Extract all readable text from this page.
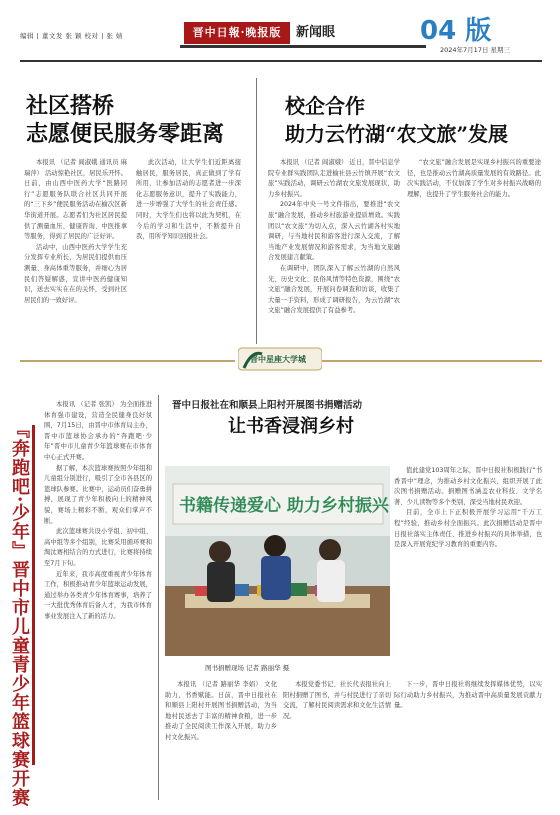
编辑 | 董文发 张 颖 校对 | 张 婧	晋中日報·晚报版	新闻眼	04 版
2024年7月17日 星期三
社区搭桥
志愿便民服务零距离

本报讯 （记者 阎淑娥 通讯员 麻瑞萍） 活动惊艳社区，居民乐开怀。日前，由山西中医药大学“医路同行”志愿服务队联合社区共同开展的“三下乡”便民服务活动在榆次区新华街道开展。志愿者们为社区居民提供了测量血压、健康咨询、中医推拿等服务，得到了居民的广泛好评。

活动中，山西中医药大学学生充分发挥专业所长，为居民们提供血压测量、身高体重等服务，并细心为居民们答疑解惑，宣讲中医药健康知识，送去实实在在的关怀，受到社区居民们的一致好评。

此次活动，让大学生们近距离接触居民，服务居民，真正做到了学有所用，让参加活动的志愿者进一步深化志愿服务意识，提升了实践能力，进一步增强了大学生的社会责任感。同时，大学生们也将以此为契机，在今后的学习和生活中，不断提升自我，用所学知识回报社会。

校企合作
助力云竹湖“农文旅”发展

本报讯 （记者 阎淑娥） 近日，晋中信息学院专业群实践团队走进榆社县云竹镇开展“农文旅”实践活动，调研云竹湖农文旅发展现状，助力乡村振兴。

2024年中央一号文件指出，要推进“农文旅”融合发展，推动乡村旅游业提质增效。实践团以“农文旅”为切入点，深入云竹湖各村实地调研，与当地村民和游客进行深入交流，了解当地产业发展情况和游客需求，为当地文旅融合发展建言献策。

在调研中，团队深入了解云竹湖的自然风光、历史文化、民俗风情等特色资源，围绕“农文旅”融合发展，开展问卷调查和访谈，收集了大量一手资料，形成了调研报告，为云竹湖“农文旅”融合发展提供了有益参考。

“农文旅”融合发展是实现乡村振兴的重要途径，也是推动云竹湖高质量发展的有效路径。此次实践活动，不仅加深了学生对乡村振兴战略的理解，也提升了学生服务社会的能力。

晋中星座大学城
『奔跑吧·少年』晋中市儿童青少年篮球赛开赛

本报讯 （记者 张凯） 为全面推进体育强市建设，营造全民健身良好氛围，7月15日，由晋中市体育局主办，晋中市篮球协会承办的“奔跑吧·少年”晋中市儿童青少年篮球赛在市体育中心正式开赛。

据了解，本次篮球赛按照少年组和儿童组分别进行，吸引了全市各县区的篮球队参赛。比赛中，运动员们奋勇拼搏，展现了青少年积极向上的精神风貌，赛场上精彩不断，观众们掌声不断。

此次篮球赛共设小学组、初中组、高中组等多个组别，比赛采用循环赛和淘汰赛相结合的方式进行，比赛将持续至7月下旬。

近年来，我市高度重视青少年体育工作，积极推动青少年篮球运动发展，通过举办各类青少年体育赛事，培养了一大批优秀体育后备人才，为我市体育事业发展注入了新的活力。

晋中日报社在和顺县上阳村开展图书捐赠活动
让书香浸润乡村
书籍传递爱心 助力乡村振兴
图书捐赠现场 记者 路丽华 摄

值此建党103周年之际，晋中日报社积极践行“书香晋中”理念，为推动乡村文化振兴，组织开展了此次图书捐赠活动。捐赠图书涵盖农业科技、文学名著、少儿读物等多个类别，深受当地村民欢迎。

目前，全市上下正积极开展学习运用“千万工程”经验，推动乡村全面振兴。此次捐赠活动是晋中日报社落实主体责任、推进乡村振兴的具体举措，也是深入开展党纪学习教育的重要内容。

本报讯 （记者 路丽华 李娟） 文化助力，书香赋能。日前，晋中日报社在和顺县上阳村开展图书捐赠活动，为当地村民送去了丰富的精神食粮，进一步推动了全民阅读工作深入开展，助力乡村文化振兴。

本报党委书记、社长代表报社向上阳村捐赠了图书，并与村民进行了亲切交流，了解村民阅读需求和文化生活情况。

下一步，晋中日报社将继续发挥媒体优势，以实际行动助力乡村振兴，为推动晋中高质量发展贡献力量。
